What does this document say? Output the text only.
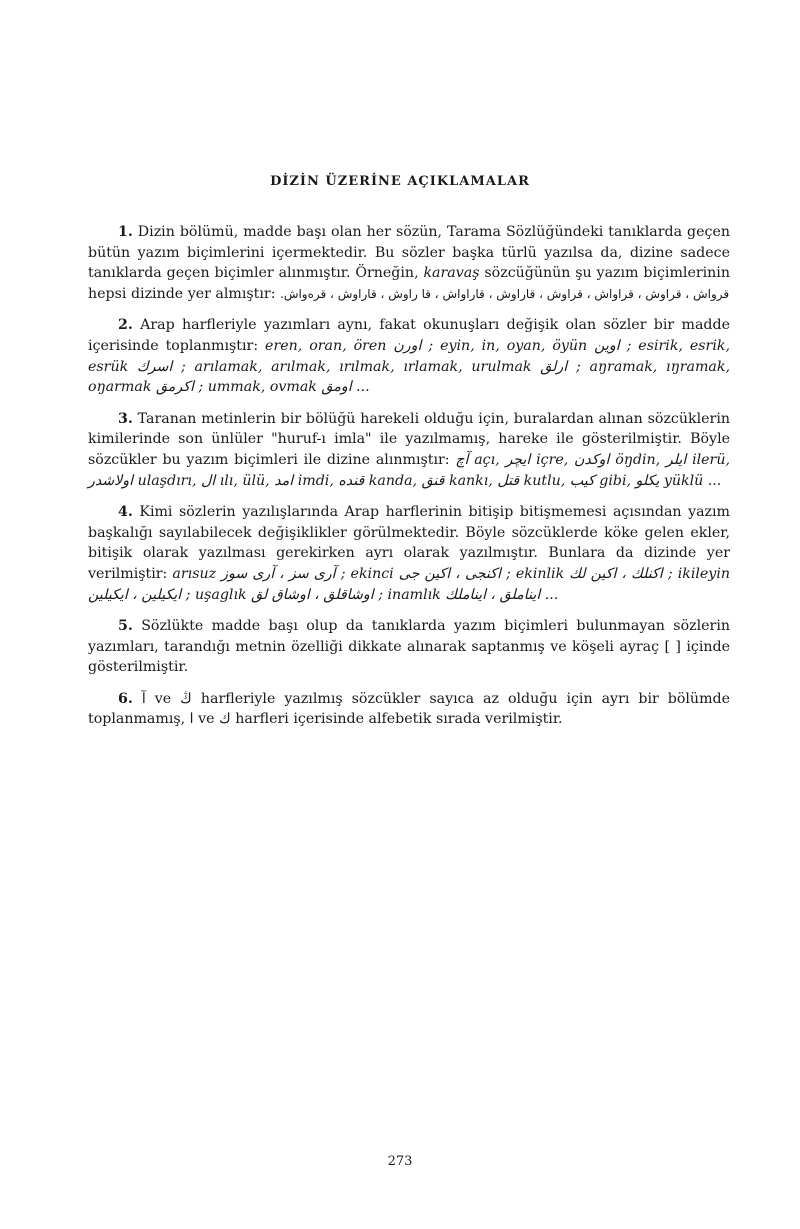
DİZİN ÜZERİNE AÇIKLAMALAR

1. Dizin bölümü, madde başı olan her sözün, Tarama Sözlüğündeki tanıklarda geçen bütün yazım biçimlerini içermektedir. Bu sözler başka türlü yazılsa da, dizine sadece tanıklarda geçen biçimler alınmıştır. Örneğin, karavaş sözcüğünün şu yazım biçimlerinin hepsi dizinde yer almıştır: قرواش ، قراوش ، قراواش ، قراوش ، قاراوش ، قاراواش ، قا راوش ، قاراوش ، قرەواش.

2. Arap harfleriyle yazımları aynı, fakat okunuşları değişik olan sözler bir madde içerisinde toplanmıştır: eren, oran, ören اورن ; eyin, in, oyan, öyün اوين ; esirik, esrik, esrük اسرك ; arılamak, arılmak, ırılmak, ırlamak, urulmak ارلق ; aŋramak, ıŋramak, oŋarmak اكرمق ; ummak, ovmak اومق ...

3. Taranan metinlerin bir bölüğü harekeli olduğu için, buralardan alınan sözcüklerin kimilerinde son ünlüler "huruf-ı imla" ile yazılmamış, hareke ile gösterilmiştir. Böyle sözcükler bu yazım biçimleri ile dizine alınmıştır: آچ açı, ايچر içre, اوكدن öŋdin, ايلر ilerü, اولاشدر ulaşdırı, ال ılı, ülü, امد imdi, قنده kanda, قنق kankı, قتل kutlu, كيب gibi, يكلو yüklü ...

4. Kimi sözlerin yazılışlarında Arap harflerinin bitişip bitişmemesi açısından yazım başkalığı sayılabilecek değişiklikler görülmektedir. Böyle sözcüklerde köke gelen ekler, bitişik olarak yazılması gerekirken ayrı olarak yazılmıştır. Bunlara da dizinde yer verilmiştir: arısuz آرى سز ، آرى سوز ; ekinci اكنجى ، اكين جى ; ekinlik اكنلك ، اكين لك ; ikileyin ايكيلين ، ايكيلين ; uşaglık اوشاقلق ، اوشاق لق ; inamlık ايناملق ، ايناملك ...

5. Sözlükte madde başı olup da tanıklarda yazım biçimleri bulunmayan sözlerin yazımları, tarandığı metnin özelliği dikkate alınarak saptanmış ve köşeli ayraç [ ] içinde gösterilmiştir.

6. آ ve ڭ harfleriyle yazılmış sözcükler sayıca az olduğu için ayrı bir bölümde toplanmamış, ا ve ك harfleri içerisinde alfebetik sırada verilmiştir.

273
